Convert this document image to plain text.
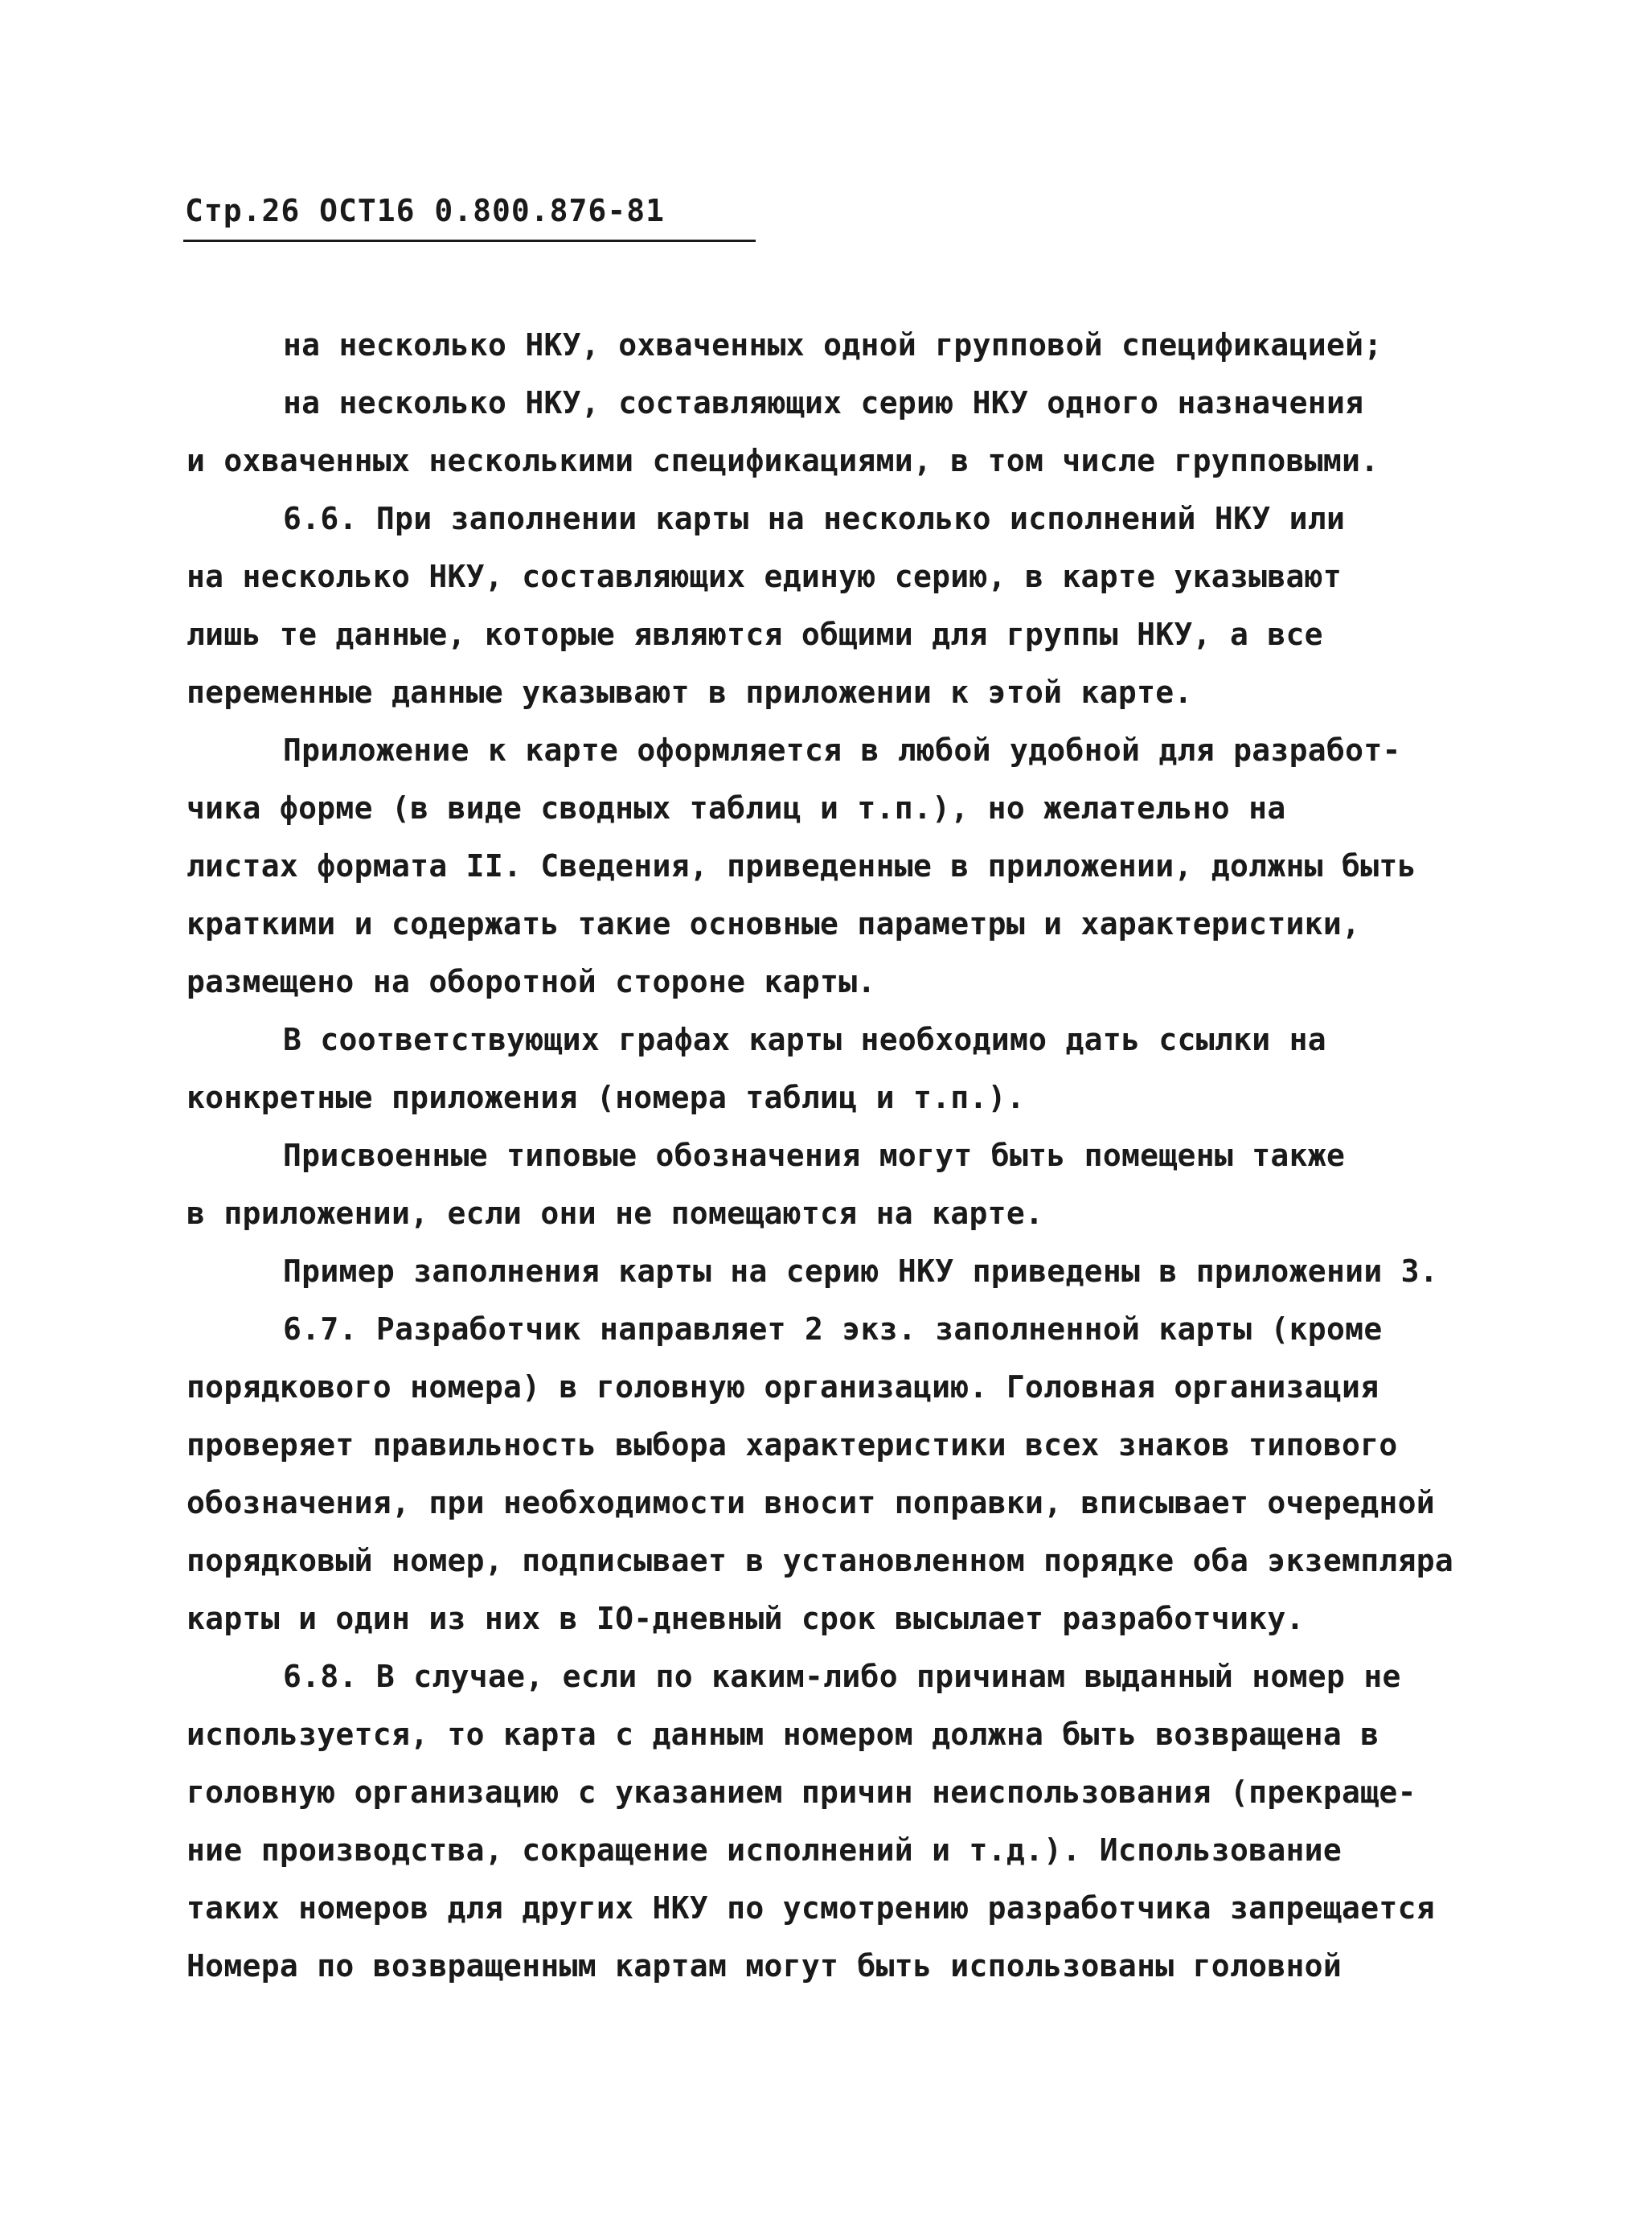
Стр.26 ОСТ16 0.800.876-81
на несколько НКУ, охваченных одной групповой спецификацией;
на несколько НКУ, составляющих серию НКУ одного назначения
и охваченных несколькими спецификациями, в том числе групповыми.
6.6. При заполнении карты на несколько исполнений НКУ или
на несколько НКУ, составляющих единую серию, в карте указывают
лишь те данные, которые являются общими для группы НКУ, а все
переменные данные указывают в приложении к этой карте.
Приложение к карте оформляется в любой удобной для разработ-
чика форме (в виде сводных таблиц и т.п.), но желательно на
листах формата II. Сведения, приведенные в приложении, должны быть
краткими и содержать такие основные параметры и характеристики,
размещено на оборотной стороне карты.
В соответствующих графах карты необходимо дать ссылки на
конкретные приложения (номера таблиц и т.п.).
Присвоенные типовые обозначения могут быть помещены также
в приложении, если они не помещаются на карте.
Пример заполнения карты на серию НКУ приведены в приложении 3.
6.7. Разработчик направляет 2 экз. заполненной карты (кроме
порядкового номера) в головную организацию. Головная организация
проверяет правильность выбора характеристики всех знаков типового
обозначения, при необходимости вносит поправки, вписывает очередной
порядковый номер, подписывает в установленном порядке оба экземпляра
карты и один из них в IO-дневный срок высылает разработчику.
6.8. В случае, если по каким-либо причинам выданный номер не
используется, то карта с данным номером должна быть возвращена в
головную организацию с указанием причин неиспользования (прекраще-
ние производства, сокращение исполнений и т.д.). Использование
таких номеров для других НКУ по усмотрению разработчика запрещается
Номера по возвращенным картам могут быть использованы головной
